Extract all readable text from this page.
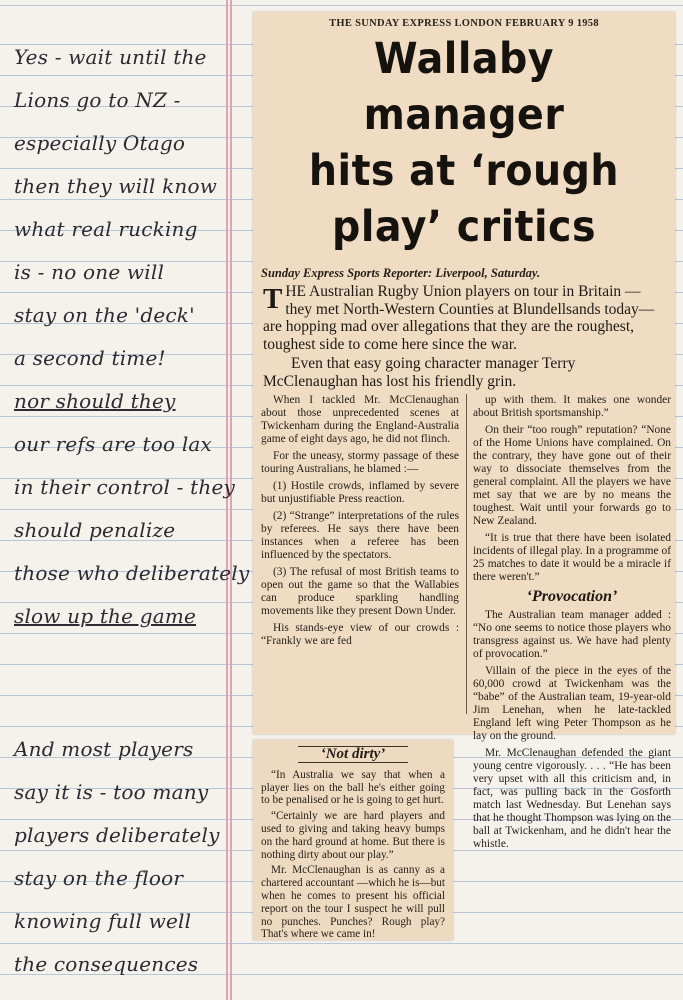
Yes - wait until the
Lions go to NZ -
especially Otago
then they will know
what real rucking
is - no one will
stay on the 'deck'
a second time!
nor should they
our refs are too lax
in their control - they
should penalize
those who deliberately
slow up the game
And most players
say it is - too many
players deliberately
stay on the floor
knowing full well
the consequences
THE SUNDAY EXPRESS LONDON FEBRUARY 9 1958
Wallaby manager
hits at ‘rough
play’ critics
Sunday Express Sports Reporter: Liverpool, Saturday.
THE Australian Rugby Union players on tour in Britain — they met North-Western Counties at Blundellsands today—are hopping mad over allegations that they are the roughest, toughest side to come here since the war.
Even that easy going character manager Terry McClenaughan has lost his friendly grin.

When I tackled Mr. McClenaughan about those unprecedented scenes at Twickenham during the England-Australia game of eight days ago, he did not flinch.

For the uneasy, stormy passage of these touring Australians, he blamed :—

(1) Hostile crowds, inflamed by severe but unjustifiable Press reaction.

(2) “Strange” interpretations of the rules by referees. He says there have been instances when a referee has been influenced by the spectators.

(3) The refusal of most British teams to open out the game so that the Wallabies can produce sparkling handling movements like they present Down Under.

His stands-eye view of our crowds : “Frankly we are fed

up with them. It makes one wonder about British sportsmanship.”

On their “too rough” reputation? “None of the Home Unions have complained. On the contrary, they have gone out of their way to dissociate themselves from the general complaint. All the players we have met say that we are by no means the toughest. Wait until your forwards go to New Zealand.

“It is true that there have been isolated incidents of illegal play. In a programme of 25 matches to date it would be a miracle if there weren't.”

‘Provocation’

The Australian team manager added : “No one seems to notice those players who transgress against us. We have had plenty of provocation.”

Villain of the piece in the eyes of the 60,000 crowd at Twickenham was the “babe” of the Australian team, 19-year-old Jim Lenehan, when he late-tackled England left wing Peter Thompson as he lay on the ground.

Mr. McClenaughan defended the giant young centre vigorously. . . . “He has been very upset with all this criticism and, in fact, was pulling back in the Gosforth match last Wednesday. But Lenehan says that he thought Thompson was lying on the ball at Twickenham, and he didn't hear the whistle.

‘Not dirty’

“In Australia we say that when a player lies on the ball he's either going to be penalised or he is going to get hurt.

“Certainly we are hard players and used to giving and taking heavy bumps on the hard ground at home. But there is nothing dirty about our play.”

Mr. McClenaughan is as canny as a chartered accountant —which he is—but when he comes to present his official report on the tour I suspect he will pull no punches. Punches? Rough play? That's where we came in!
